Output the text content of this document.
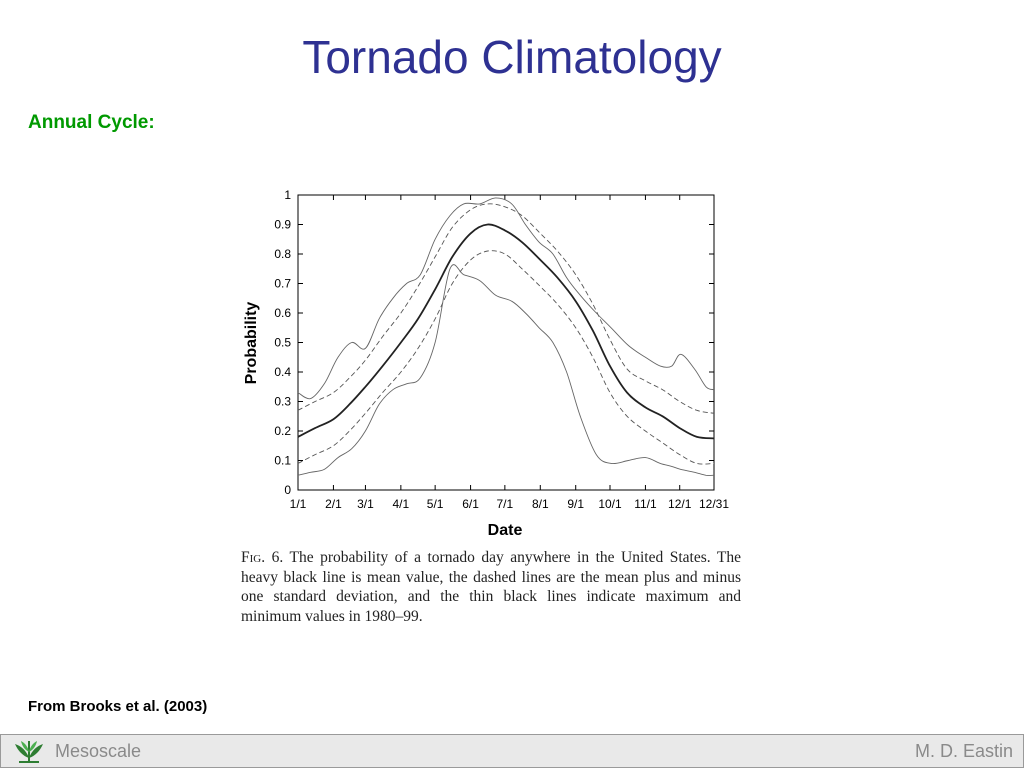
Tornado Climatology
Annual Cycle:
0
0.1
0.2
0.3
0.4
0.5
0.6
0.7
0.8
0.9
1
1/1 2/1 3/1 4/1 5/1 6/1 7/1 8/1 9/1 10/1 11/1 12/1 12/31
Probability
Date
Fig. 6. The probability of a tornado day anywhere in the United States. The heavy black line is mean value, the dashed lines are the mean plus and minus one standard deviation, and the thin black lines indicate maximum and minimum values in 1980–99.
From Brooks et al. (2003)
Mesoscale	M. D. Eastin
